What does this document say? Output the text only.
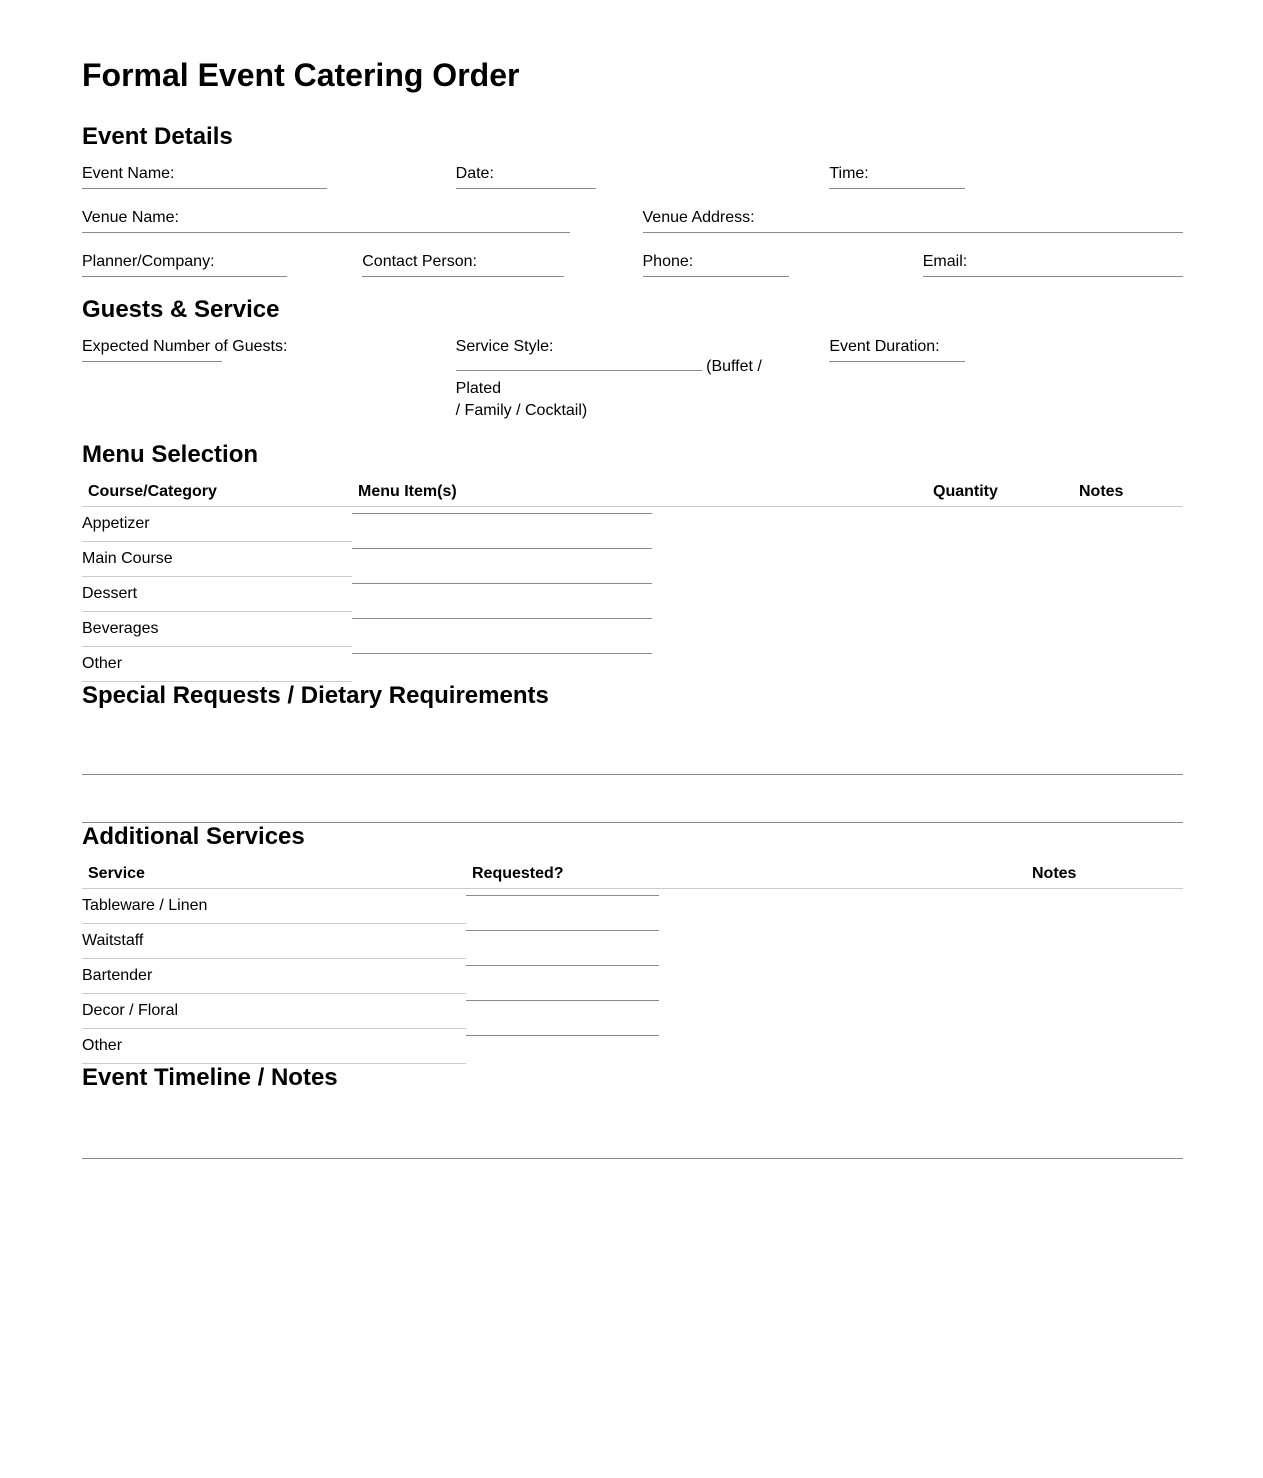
Formal Event Catering Order
Event Details
Event Name:	Date:	Time:
Venue Name:	Venue Address:
Planner/Company:	Contact Person:	Phone:	Email:
Guests & Service
Expected Number of Guests:	Service Style:
(Buffet / Plated
/ Family / Cocktail)
Event Duration:
Menu Selection
Course/Category	Menu Item(s)	Quantity	Notes
Appetizer	

Main Course	

Dessert	

Beverages	

Other	

Special Requests / Dietary Requirements
Additional Services
Service	Requested?	Notes
Tableware / Linen	

Waitstaff	

Bartender	

Decor / Floral	

Other	

Event Timeline / Notes
